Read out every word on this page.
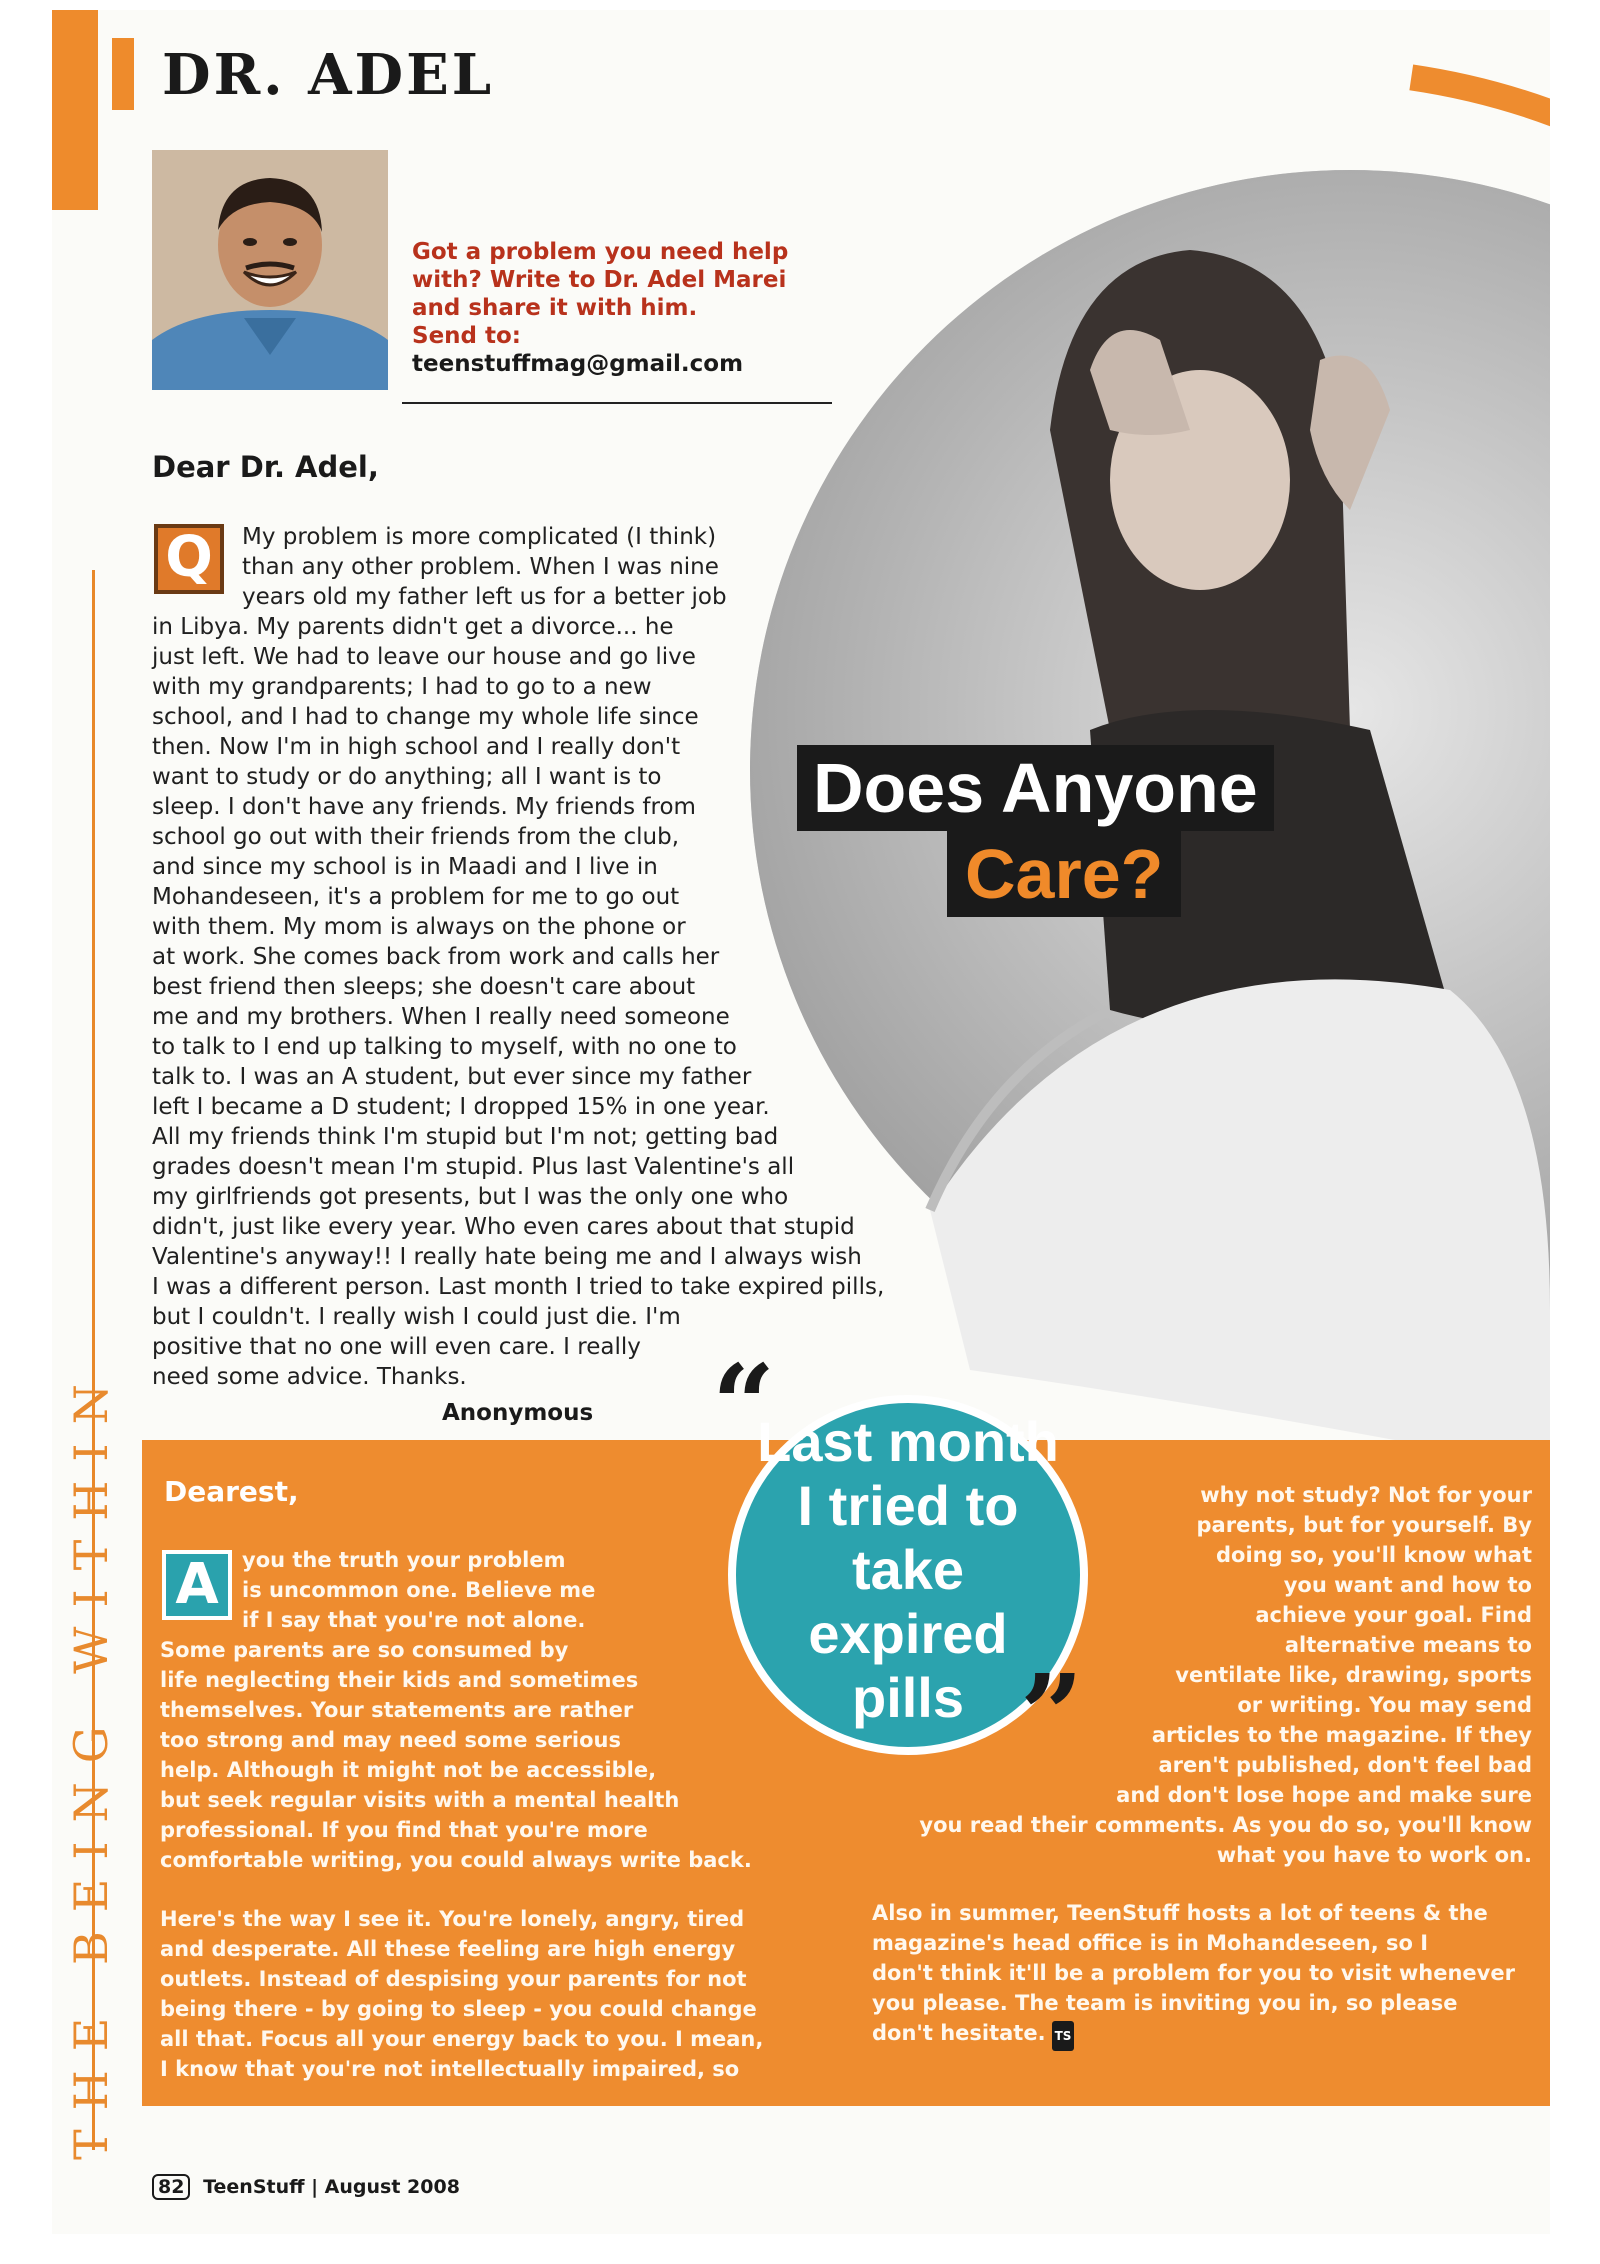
THE BEING WITHIN
DR. ADEL
Got a problem you need help
with? Write to Dr. Adel Marei
and share it with him.
Send to:
teenstuffmag@gmail.com
Does Anyone
Care?
Dear Dr. Adel,
Q	My problem is more complicated (I think)
than any other problem. When I was nine
years old my father left us for a better job
in Libya. My parents didn't get a divorce... he
just left. We had to leave our house and go live
with my grandparents; I had to go to a new
school, and I had to change my whole life since
then. Now I'm in high school and I really don't
want to study or do anything; all I want is to
sleep. I don't have any friends. My friends from
school go out with their friends from the club,
and since my school is in Maadi and I live in
Mohandeseen, it's a problem for me to go out
with them. My mom is always on the phone or
at work. She comes back from work and calls her
best friend then sleeps; she doesn't care about
me and my brothers. When I really need someone
to talk to I end up talking to myself, with no one to
talk to. I was an A student, but ever since my father
left I became a D student; I dropped 15% in one year.
All my friends think I'm stupid but I'm not; getting bad
grades doesn't mean I'm stupid. Plus last Valentine's all
my girlfriends got presents, but I was the only one who
didn't, just like every year. Who even cares about that stupid
Valentine's anyway!! I really hate being me and I always wish
I was a different person. Last month I tried to take expired pills,
but I couldn't. I really wish I could just die. I'm
positive that no one will even care. I really
need some advice. Thanks.
Anonymous
Dearest,
A	you the truth your problem
is uncommon one. Believe me
if I say that you're not alone.
Some parents are so consumed by
life neglecting their kids and sometimes
themselves. Your statements are rather
too strong and may need some serious
help. Although it might not be accessible,
but seek regular visits with a mental health
professional. If you find that you're more
comfortable writing, you could always write back.
Here's the way I see it. You're lonely, angry, tired
and desperate. All these feeling are high energy
outlets. Instead of despising your parents for not
being there - by going to sleep - you could change
all that. Focus all your energy back to you. I mean,
I know that you're not intellectually impaired, so
why not study? Not for your
parents, but for yourself. By
doing so, you'll know what
you want and how to
achieve your goal. Find
alternative means to
ventilate like, drawing, sports
or writing. You may send
articles to the magazine. If they
aren't published, don't feel bad
and don't lose hope and make sure
you read their comments. As you do so, you'll know
what you have to work on.
Also in summer, TeenStuff hosts a lot of teens & the
magazine's head office is in Mohandeseen, so I
don't think it'll be a problem for you to visit whenever
you please. The team is inviting you in, so please
don't hesitate. TS
“
”
Last month
I tried to
take
expired
pills
82 TeenStuff | August 2008
